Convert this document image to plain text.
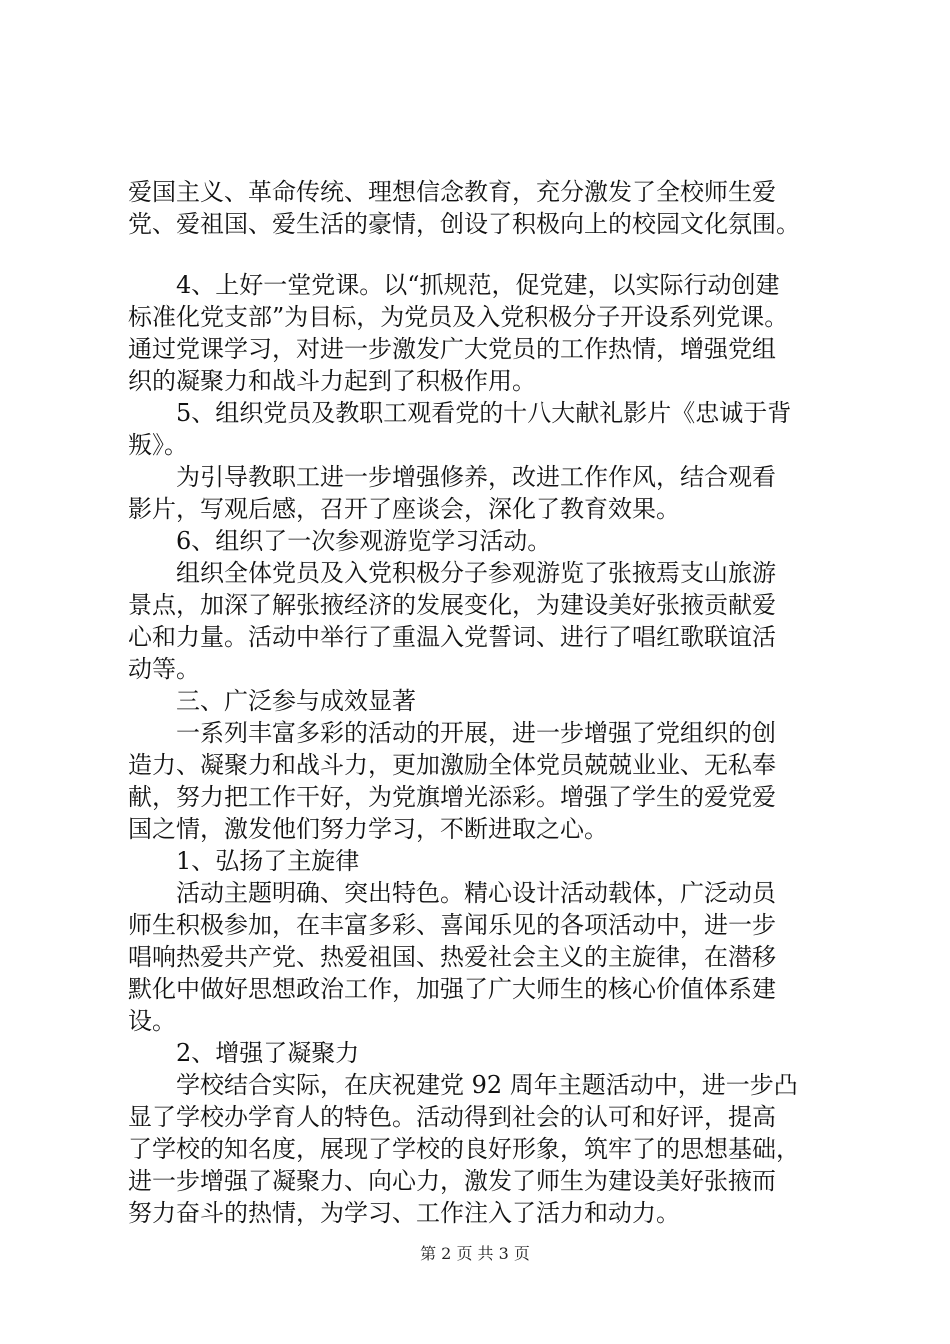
爱国主义、革命传统、理想信念教育，充分激发了全校师生爱
党、爱祖国、爱生活的豪情，创设了积极向上的校园文化氛围。
4、上好一堂党课。以“抓规范，促党建，以实际行动创建
标准化党支部”为目标，为党员及入党积极分子开设系列党课。
通过党课学习，对进一步激发广大党员的工作热情，增强党组
织的凝聚力和战斗力起到了积极作用。
5、组织党员及教职工观看党的十八大献礼影片《忠诚于背
叛》。
为引导教职工进一步增强修养，改进工作作风，结合观看
影片，写观后感，召开了座谈会，深化了教育效果。
6、组织了一次参观游览学习活动。
组织全体党员及入党积极分子参观游览了张掖焉支山旅游
景点，加深了解张掖经济的发展变化，为建设美好张掖贡献爱
心和力量。活动中举行了重温入党誓词、进行了唱红歌联谊活
动等。
三、广泛参与成效显著
一系列丰富多彩的活动的开展，进一步增强了党组织的创
造力、凝聚力和战斗力，更加激励全体党员兢兢业业、无私奉
献，努力把工作干好，为党旗增光添彩。增强了学生的爱党爱
国之情，激发他们努力学习，不断进取之心。
1、弘扬了主旋律
活动主题明确、突出特色。精心设计活动载体，广泛动员
师生积极参加，在丰富多彩、喜闻乐见的各项活动中，进一步
唱响热爱共产党、热爱祖国、热爱社会主义的主旋律，在潜移
默化中做好思想政治工作，加强了广大师生的核心价值体系建
设。
2、增强了凝聚力
学校结合实际，在庆祝建党 92 周年主题活动中，进一步凸
显了学校办学育人的特色。活动得到社会的认可和好评，提高
了学校的知名度，展现了学校的良好形象，筑牢了的思想基础，
进一步增强了凝聚力、向心力，激发了师生为建设美好张掖而
努力奋斗的热情，为学习、工作注入了活力和动力。
第 2 页 共 3 页
